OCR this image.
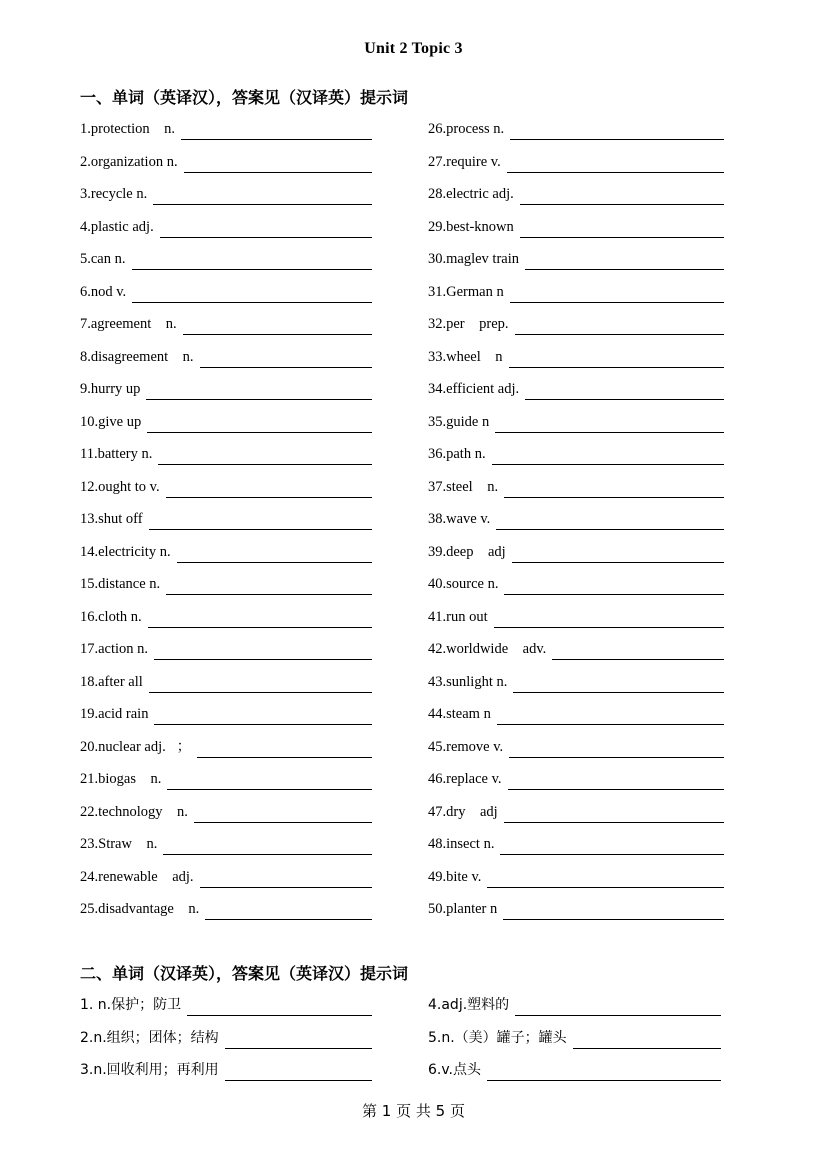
Unit 2 Topic 3
一、单词（英译汉），答案见（汉译英）提示词
1.protection    n.
2.organization n.
3.recycle n.
4.plastic adj.
5.can n.
6.nod v.
7.agreement    n.
8.disagreement    n.
9.hurry up
10.give up
11.battery n.
12.ought to v.
13.shut off
14.electricity n.
15.distance n.
16.cloth n.
17.action n.
18.after all
19.acid rain
20.nuclear adj.   ；
21.biogas    n.
22.technology    n.
23.Straw    n.
24.renewable    adj.
25.disadvantage    n.
26.process n.
27.require v.
28.electric adj.
29.best-known
30.maglev train
31.German n
32.per    prep.
33.wheel    n
34.efficient adj.
35.guide n
36.path n.
37.steel    n.
38.wave v.
39.deep    adj
40.source n.
41.run out
42.worldwide    adv.
43.sunlight n.
44.steam n
45.remove v.
46.replace v.
47.dry    adj
48.insect n.
49.bite v.
50.planter n
二、单词（汉译英），答案见（英译汉）提示词
1. n.保护；防卫
2.n.组织；团体；结构
3.n.回收利用；再利用
4.adj.塑料的
5.n.（美）罐子；罐头
6.v.点头
第 1 页 共 5 页
